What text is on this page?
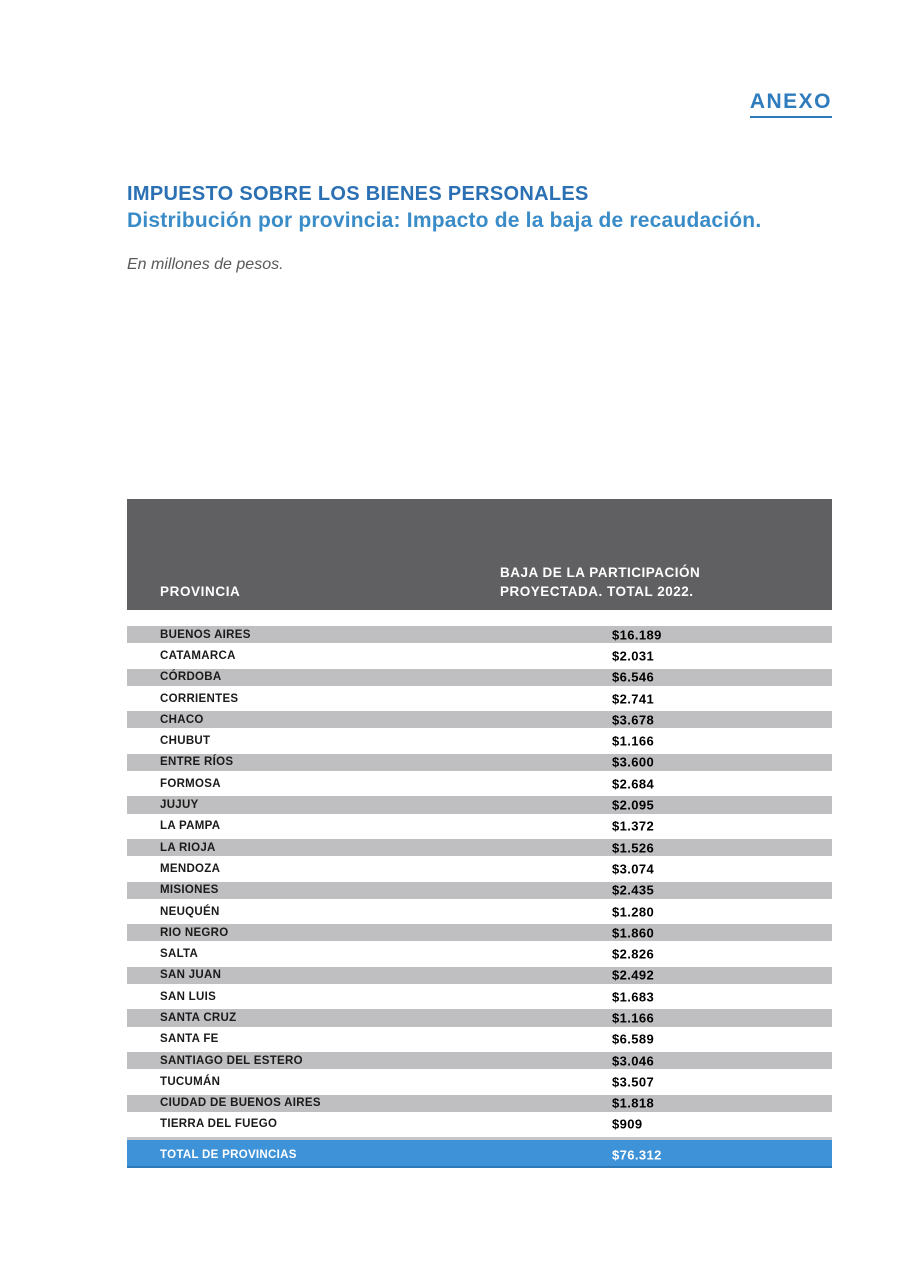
ANEXO
IMPUESTO SOBRE LOS BIENES PERSONALES
Distribución por provincia: Impacto de la baja de recaudación.
En millones de pesos.
PROVINCIA
BAJA DE LA PARTICIPACIÓN
PROYECTADA. TOTAL 2022.
BUENOS AIRES	$16.189
CATAMARCA	$2.031
CÓRDOBA	$6.546
CORRIENTES	$2.741
CHACO	$3.678
CHUBUT	$1.166
ENTRE RÍOS	$3.600
FORMOSA	$2.684
JUJUY	$2.095
LA PAMPA	$1.372
LA RIOJA	$1.526
MENDOZA	$3.074
MISIONES	$2.435
NEUQUÉN	$1.280
RIO NEGRO	$1.860
SALTA	$2.826
SAN JUAN	$2.492
SAN LUIS	$1.683
SANTA CRUZ	$1.166
SANTA FE	$6.589
SANTIAGO DEL ESTERO	$3.046
TUCUMÁN	$3.507
CIUDAD DE BUENOS AIRES	$1.818
TIERRA DEL FUEGO	$909
TOTAL DE PROVINCIAS	$76.312
